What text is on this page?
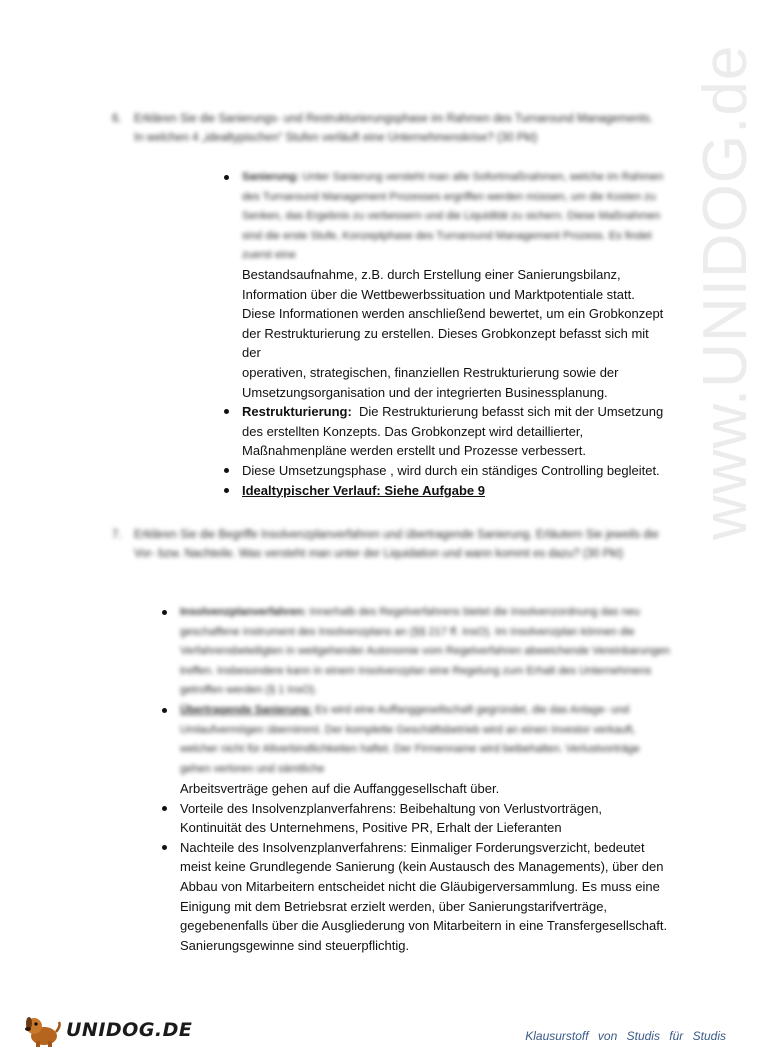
www.UNIDOG.de
6. Erklären Sie die Sanierungs- und Restrukturierungsphase im Rahmen des Turnaround Managements. In welchen 4 „idealtypischen“ Stufen verläuft eine Unternehmenskrise? (30 Pkt)
Sanierung: Unter Sanierung versteht man alle Sofortmaßnahmen, welche im Rahmen des Turnaround Management Prozesses ergriffen werden müssen, um die Kosten zu Senken, das Ergebnis zu verbessern und die Liquidität zu sichern. Diese Maßnahmen sind die erste Stufe, Konzeptphase des Turnaround Management Prozess. Es findet zuerst eine
Bestandsaufnahme, z.B. durch Erstellung einer Sanierungsbilanz,
Information über die Wettbewerbssituation und Marktpotentiale statt.
Diese Informationen werden anschließend bewertet, um ein Grobkonzept
der Restrukturierung zu erstellen. Dieses Grobkonzept befasst sich mit der
operativen, strategischen, finanziellen Restrukturierung sowie der
Umsetzungsorganisation und der integrierten Businessplanung.
Restrukturierung: Die Restrukturierung befasst sich mit der Umsetzung
des erstellten Konzepts. Das Grobkonzept wird detaillierter,
Maßnahmenpläne werden erstellt und Prozesse verbessert.
Diese Umsetzungsphase , wird durch ein ständiges Controlling begleitet.
Idealtypischer Verlauf: Siehe Aufgabe 9
7. Erklären Sie die Begriffe Insolvenzplanverfahren und übertragende Sanierung. Erläutern Sie jeweils die Vor- bzw. Nachteile. Was versteht man unter der Liquidation und wann kommt es dazu? (30 Pkt)
Insolvenzplanverfahren: Innerhalb des Regelverfahrens bietet die Insolvenzordnung das neu geschaffene Instrument des Insolvenzplans an (§§ 217 ff. InsO). Im Insolvenzplan können die Verfahrensbeteiligten in weitgehender Autonomie vom Regelverfahren abweichende Vereinbarungen treffen. Insbesondere kann in einem Insolvenzplan eine Regelung zum Erhalt des Unternehmens getroffen werden (§ 1 InsO).
Übertragende Sanierung: Es wird eine Auffanggesellschaft gegründet, die das Anlage- und Umlaufvermögen übernimmt. Der komplette Geschäftsbetrieb wird an einen Investor verkauft, welcher nicht für Altverbindlichkeiten haftet. Der Firmenname wird beibehalten. Verlustvorträge gehen verloren und sämtliche
Arbeitsverträge gehen auf die Auffanggesellschaft über.
Vorteile des Insolvenzplanverfahrens: Beibehaltung von Verlustvorträgen,
Kontinuität des Unternehmens, Positive PR, Erhalt der Lieferanten
Nachteile des Insolvenzplanverfahrens: Einmaliger Forderungsverzicht, bedeutet
meist keine Grundlegende Sanierung (kein Austausch des Managements), über den
Abbau von Mitarbeitern entscheidet nicht die Gläubigerversammlung. Es muss eine
Einigung mit dem Betriebsrat erzielt werden, über Sanierungstarifverträge,
gegebenenfalls über die Ausgliederung von Mitarbeitern in eine Transfergesellschaft.
Sanierungsgewinne sind steuerpflichtig.
UNIDOG.DE	Klausurstoff von Studis für Studis
